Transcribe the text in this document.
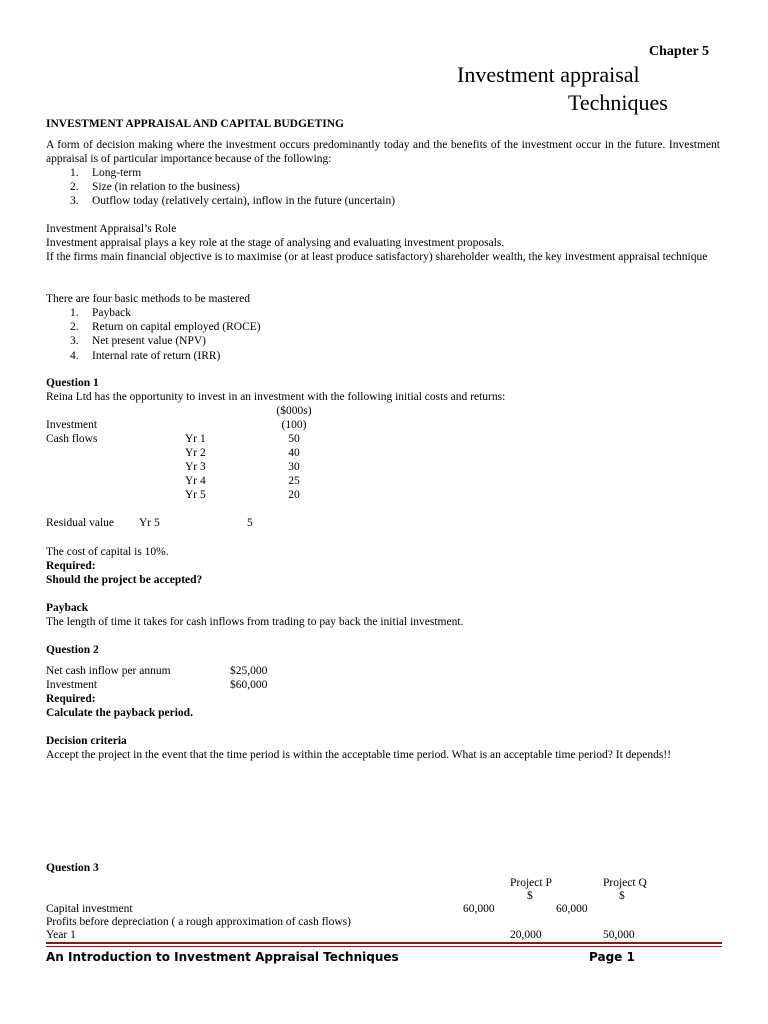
Chapter 5
Investment appraisal
Techniques
INVESTMENT APPRAISAL AND CAPITAL BUDGETING
A form of decision making where the investment occurs predominantly today and the benefits of the investment occur in the future. Investment appraisal is of particular importance because of the following:
1. Long-term
2. Size (in relation to the business)
3. Outflow today (relatively certain), inflow in the future (uncertain)
Investment Appraisal’s Role
Investment appraisal plays a key role at the stage of analysing and evaluating investment proposals.
If the firms main financial objective is to maximise (or at least produce satisfactory) shareholder wealth, the key investment appraisal technique
There are four basic methods to be mastered
1. Payback
2. Return on capital employed (ROCE)
3. Net present value (NPV)
4. Internal rate of return (IRR)
Question 1
Reina Ltd has the opportunity to invest in an investment with the following initial costs and returns:
($000s)
Investment	(100)
Cash flows	Yr 1	50
Yr 2	40
Yr 3	30
Yr 4	25
Yr 5	20
Residual value Yr 5	5
The cost of capital is 10%.
Required:
Should the project be accepted?
Payback
The length of time it takes for cash inflows from trading to pay back the initial investment.
Question 2
Net cash inflow per annum	$25,000
Investment	$60,000
Required:
Calculate the payback period.
Decision criteria
Accept the project in the event that the time period is within the acceptable time period. What is an acceptable time period? It depends!!
Question 3
Project P	Project Q
$	$
Capital investment	60,000	60,000
Profits before depreciation ( a rough approximation of cash flows)
Year 1	20,000	50,000
An Introduction to Investment Appraisal Techniques	Page 1
